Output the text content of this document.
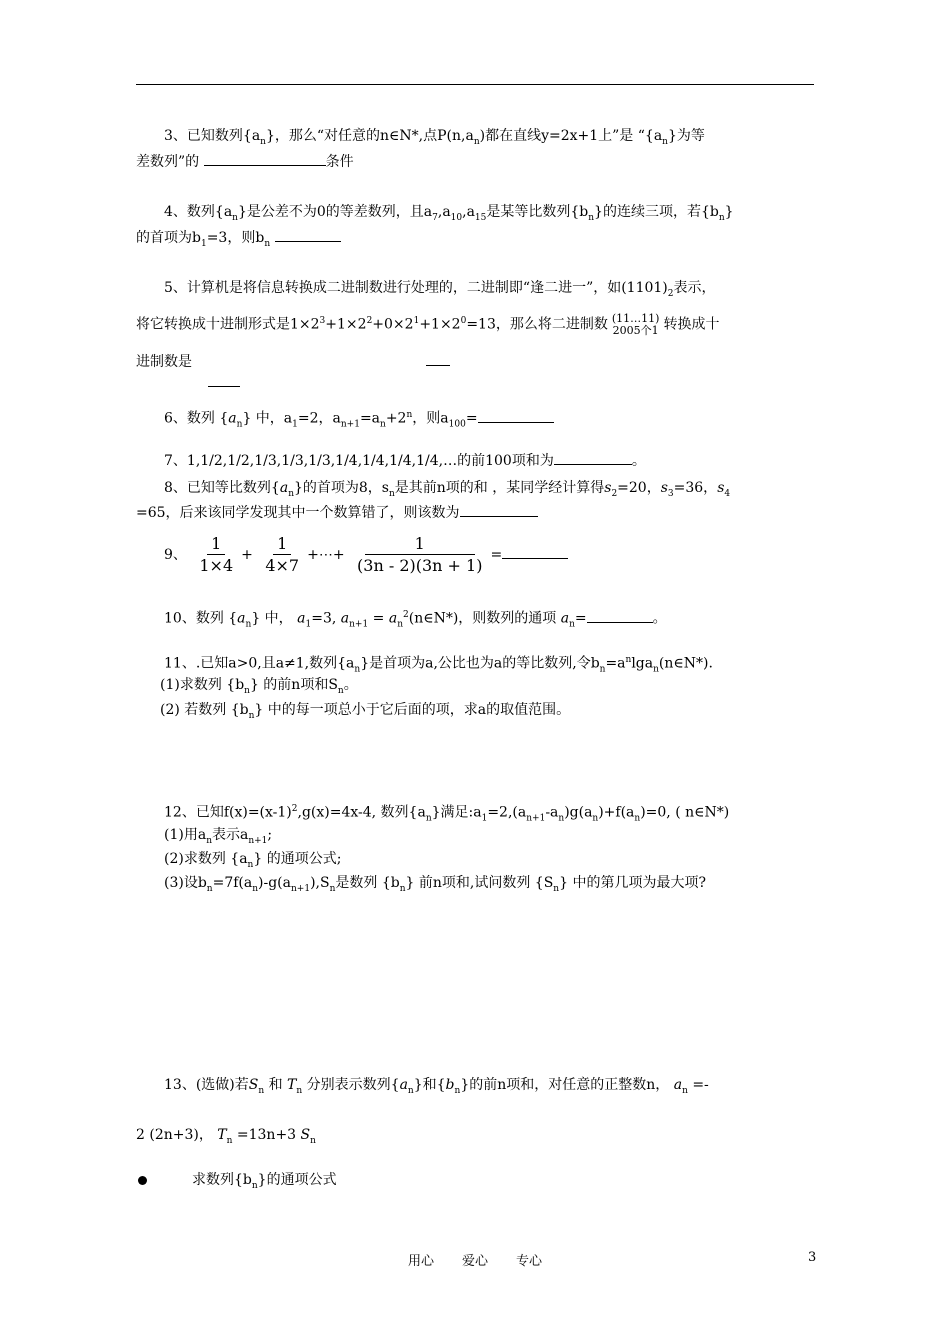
3、已知数列$\{a_n\}$，那么“对任意的n∈N*,点$P(n,a_n)$都在直线y=2x+1上”是 “$\{a_n\}$为等
差数列”的	条件
4、数列$\{a_n\}$是公差不为0的等差数列，且$a_7,a_{10},a_{15}$是某等比数列$\{b_n\}$的连续三项，若$\{b_n\}$
的首项为$b_1=3$，则$b_n$
5、计算机是将信息转换成二进制数进行处理的，二进制即“逢二进一”，如$(1101)_2$表示，
将它转换成十进制形式是$1\times 2^3+1\times 2^2+0\times 2^1+1\times 2^0=13$，那么将二进制数 (11…11)
2005个1 转换成十
进制数是
6、数列 $\{a_n\}$ 中，$a_1=2$，$a_{n+1}=a_n+2^n$，则$a_{100}=$
7、1,1/2,1/2,1/3,1/3,1/3,1/4,1/4,1/4,1/4,…的前100项和为	。
8、已知等比数列$\{a_n\}$的首项为8，$s_n$是其前n项的和 ，某同学经计算得$s_2=20$，$s_3=36$，$s_4$
=65，后来该同学发现其中一个数算错了，则该数为
9、 $\frac{1}{1\times 4} + \frac{1}{4\times 7}$ +⋯+ $\frac{1}{(3n - 2)(3n + 1)}$ =
10、数列 $\{a_n\}$ 中， $a_1=3$, $a_{n+1}$ = $a_n^2(n\in N*)$，则数列的通项 $a_n=$	。
11、.已知a>0,且a≠1,数列$\{a_n\}$是首项为a,公比也为a的等比数列,令$b_n=a^n\lg a_n(n\in N*)$.
(1)求数列 $\{b_n\}$ 的前n项和$S_n$。
(2) 若数列 $\{b_n\}$ 中的每一项总小于它后面的项，求a的取值范围。
12、已知$f(x)=(x-1)^2,g(x)=4x-4$, 数列$\{a_n\}$满足$:a_1=2,(a_{n+1}-a_n)g(a_n)+f(a_n)=0$, ( n∈N*)
(1)用$a_n$表示$a_{n+1}$;
(2)求数列 $\{a_n\}$ 的通项公式;
(3)设$b_n=7f(a_n)-g(a_{n+1}),S_n$是数列 $\{b_n\}$ 前n项和,试问数列 $\{S_n\}$ 中的第几项为最大项?
13、(选做)若$S_n$ 和 $T_n$ 分别表示数列$\{a_n\}$和$\{b_n\}$的前n项和，对任意的正整数n， $a_n$ =-
2 (2n+3)， $T_n =13n+3$ $S_n$
求数列$\{b_n\}$的通项公式
用心 爱心 专心	3
